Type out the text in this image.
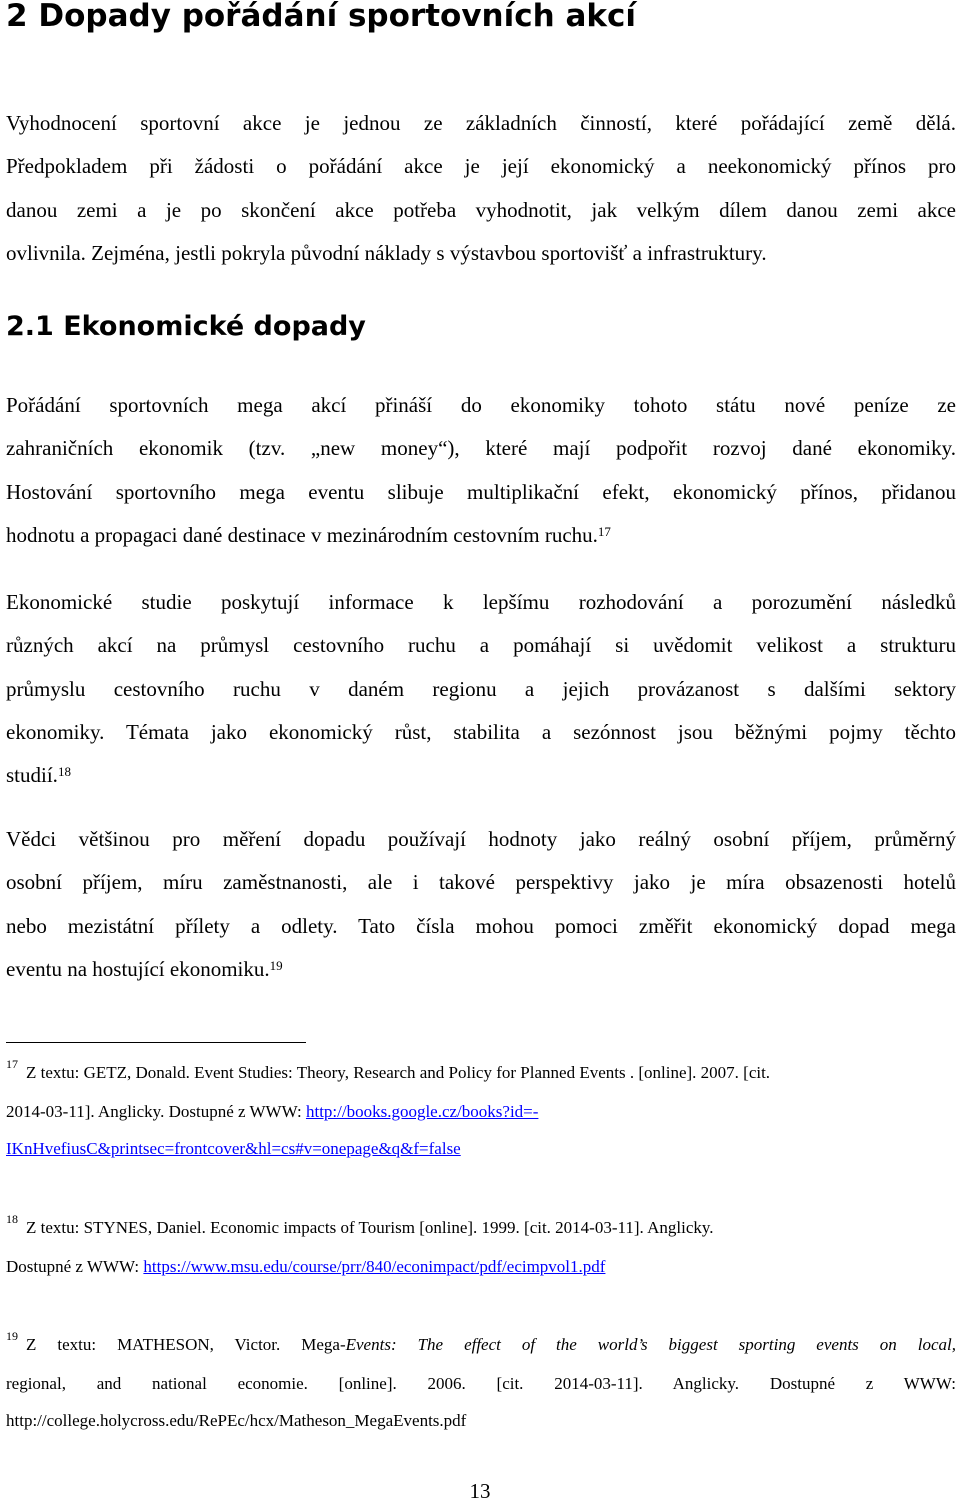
2 Dopady pořádání sportovních akcí

Vyhodnocení sportovní akce je jednou ze základních činností, které pořádající země dělá.
Předpokladem při žádosti o pořádání akce je její ekonomický a neekonomický přínos pro
danou zemi a je po skončení akce potřeba vyhodnotit, jak velkým dílem danou zemi akce
ovlivnila. Zejména, jestli pokryla původní náklady s výstavbou sportovišť a infrastruktury.

2.1 Ekonomické dopady

Pořádání sportovních mega akcí přináší do ekonomiky tohoto státu nové peníze ze
zahraničních ekonomik (tzv. „new money“), které mají podpořit rozvoj dané ekonomiky.

Hostování sportovního mega eventu slibuje multiplikační efekt, ekonomický přínos, přidanou
hodnotu a propagaci dané destinace v mezinárodním cestovním ruchu.$^{17}$

Ekonomické studie poskytují informace k lepšímu rozhodování a porozumění následků
různých akcí na průmysl cestovního ruchu a pomáhají si uvědomit velikost a strukturu
průmyslu cestovního ruchu v daném regionu a jejich provázanost s dalšími sektory
ekonomiky. Témata jako ekonomický růst, stabilita a sezónnost jsou běžnými pojmy těchto
studií.$^{18}$

Vědci většinou pro měření dopadu používají hodnoty jako reálný osobní příjem, průměrný
osobní příjem, míru zaměstnanosti, ale i takové perspektivy jako je míra obsazenosti hotelů
nebo mezistátní přílety a odlety. Tato čísla mohou pomoci změřit ekonomický dopad mega
eventu na hostující ekonomiku.$^{19}$

$^{17}$ Z textu: GETZ, Donald. Event Studies: Theory, Research and Policy for Planned Events . [online]. 2007. [cit.
2014-03-11]. Anglicky. Dostupné z WWW: http://books.google.cz/books?id=-
IKnHvefiusC&printsec=frontcover&hl=cs#v=onepage&q&f=false
$^{18}$ Z textu: STYNES, Daniel. Economic impacts of Tourism [online]. 1999. [cit. 2014-03-11]. Anglicky.
Dostupné z WWW: https://www.msu.edu/course/prr/840/econimpact/pdf/ecimpvol1.pdf
$^{19}$ Z textu: MATHESON, Victor. Mega-Events: The effect of the world’s biggest sporting events on local,
regional, and national economie. [online]. 2006. [cit. 2014-03-11]. Anglicky. Dostupné z WWW:
http://college.holycross.edu/RePEc/hcx/Matheson_MegaEvents.pdf

13
